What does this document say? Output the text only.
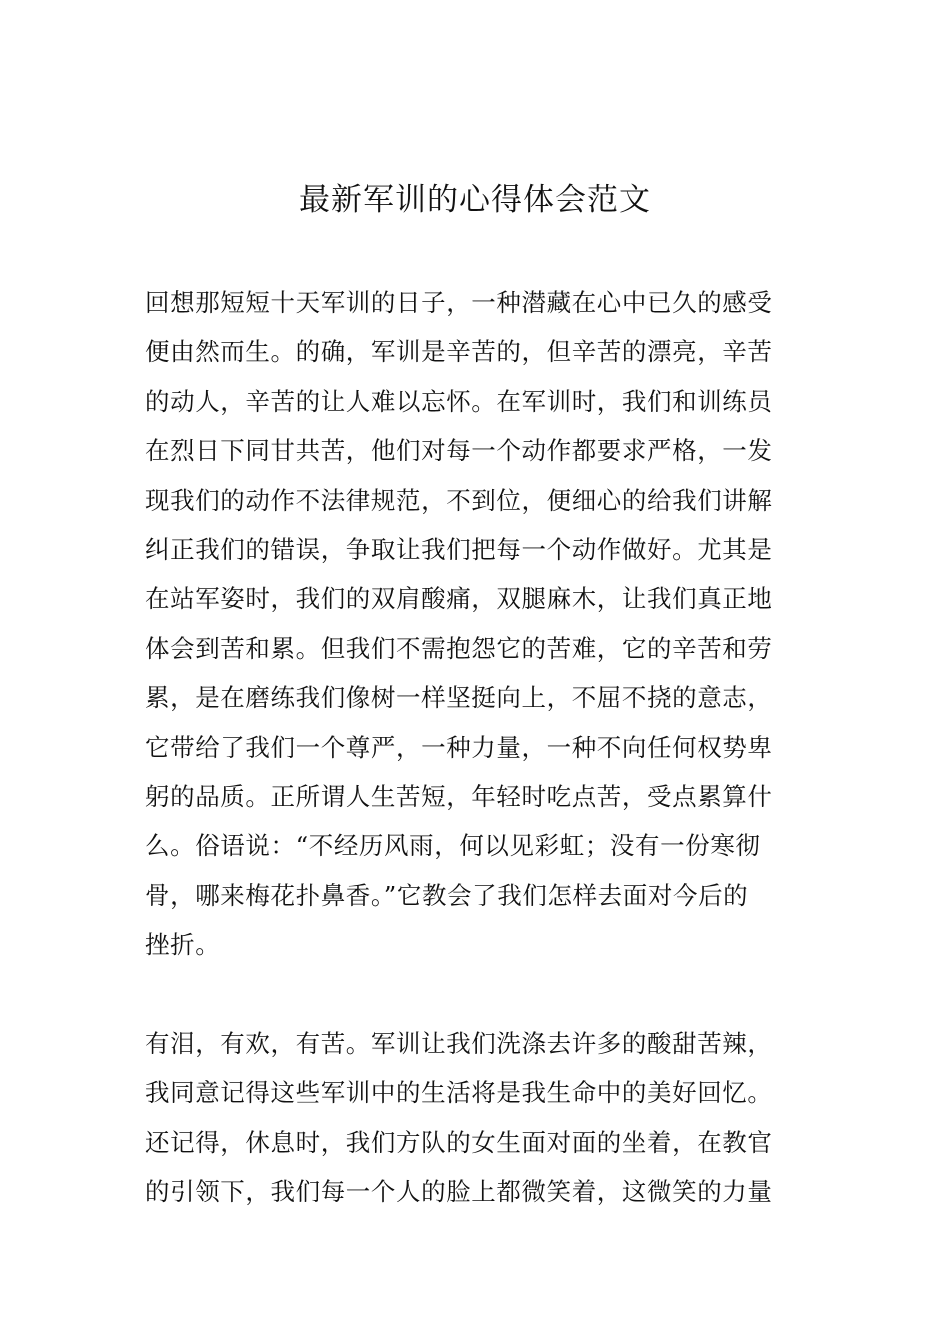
最新军训的心得体会范文
回想那短短十天军训的日子，一种潜藏在心中已久的感受
便由然而生。的确，军训是辛苦的，但辛苦的漂亮，辛苦
的动人，辛苦的让人难以忘怀。在军训时，我们和训练员
在烈日下同甘共苦，他们对每一个动作都要求严格，一发
现我们的动作不法律规范，不到位，便细心的给我们讲解
纠正我们的错误，争取让我们把每一个动作做好。尤其是
在站军姿时，我们的双肩酸痛，双腿麻木，让我们真正地
体会到苦和累。但我们不需抱怨它的苦难，它的辛苦和劳
累，是在磨练我们像树一样坚挺向上，不屈不挠的意志，
它带给了我们一个尊严，一种力量，一种不向任何权势卑
躬的品质。正所谓人生苦短，年轻时吃点苦，受点累算什
么。俗语说：“不经历风雨，何以见彩虹；没有一份寒彻
骨，哪来梅花扑鼻香。”它教会了我们怎样去面对今后的
挫折。
有泪，有欢，有苦。军训让我们洗涤去许多的酸甜苦辣，
我同意记得这些军训中的生活将是我生命中的美好回忆。
还记得，休息时，我们方队的女生面对面的坐着，在教官
的引领下，我们每一个人的脸上都微笑着，这微笑的力量
